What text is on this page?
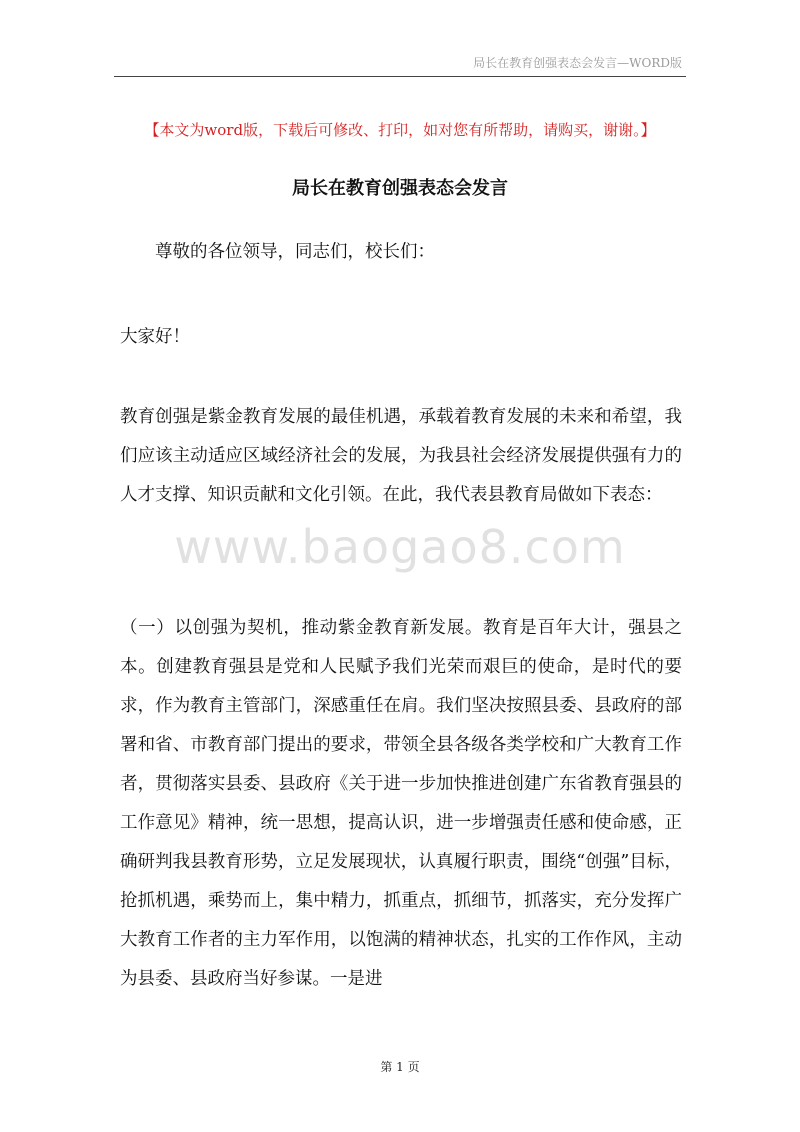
局长在教育创强表态会发言—WORD版
【本文为word版，下载后可修改、打印，如对您有所帮助，请购买，谢谢。】
局长在教育创强表态会发言

尊敬的各位领导，同志们，校长们：

大家好！

教育创强是紫金教育发展的最佳机遇，承载着教育发展的未来和希望，我们应该主动适应区域经济社会的发展，为我县社会经济发展提供强有力的人才支撑、知识贡献和文化引领。在此，我代表县教育局做如下表态：

（一）以创强为契机，推动紫金教育新发展。教育是百年大计，强县之本。创建教育强县是党和人民赋予我们光荣而艰巨的使命，是时代的要求，作为教育主管部门，深感重任在肩。我们坚决按照县委、县政府的部署和省、市教育部门提出的要求，带领全县各级各类学校和广大教育工作者，贯彻落实县委、县政府《关于进一步加快推进创建广东省教育强县的工作意见》精神，统一思想，提高认识，进一步增强责任感和使命感，正确研判我县教育形势，立足发展现状，认真履行职责，围绕“创强”目标，抢抓机遇，乘势而上，集中精力，抓重点，抓细节，抓落实，充分发挥广大教育工作者的主力军作用，以饱满的精神状态，扎实的工作作风，主动为县委、县政府当好参谋。一是进

www.baogao8.com
第 1 页
